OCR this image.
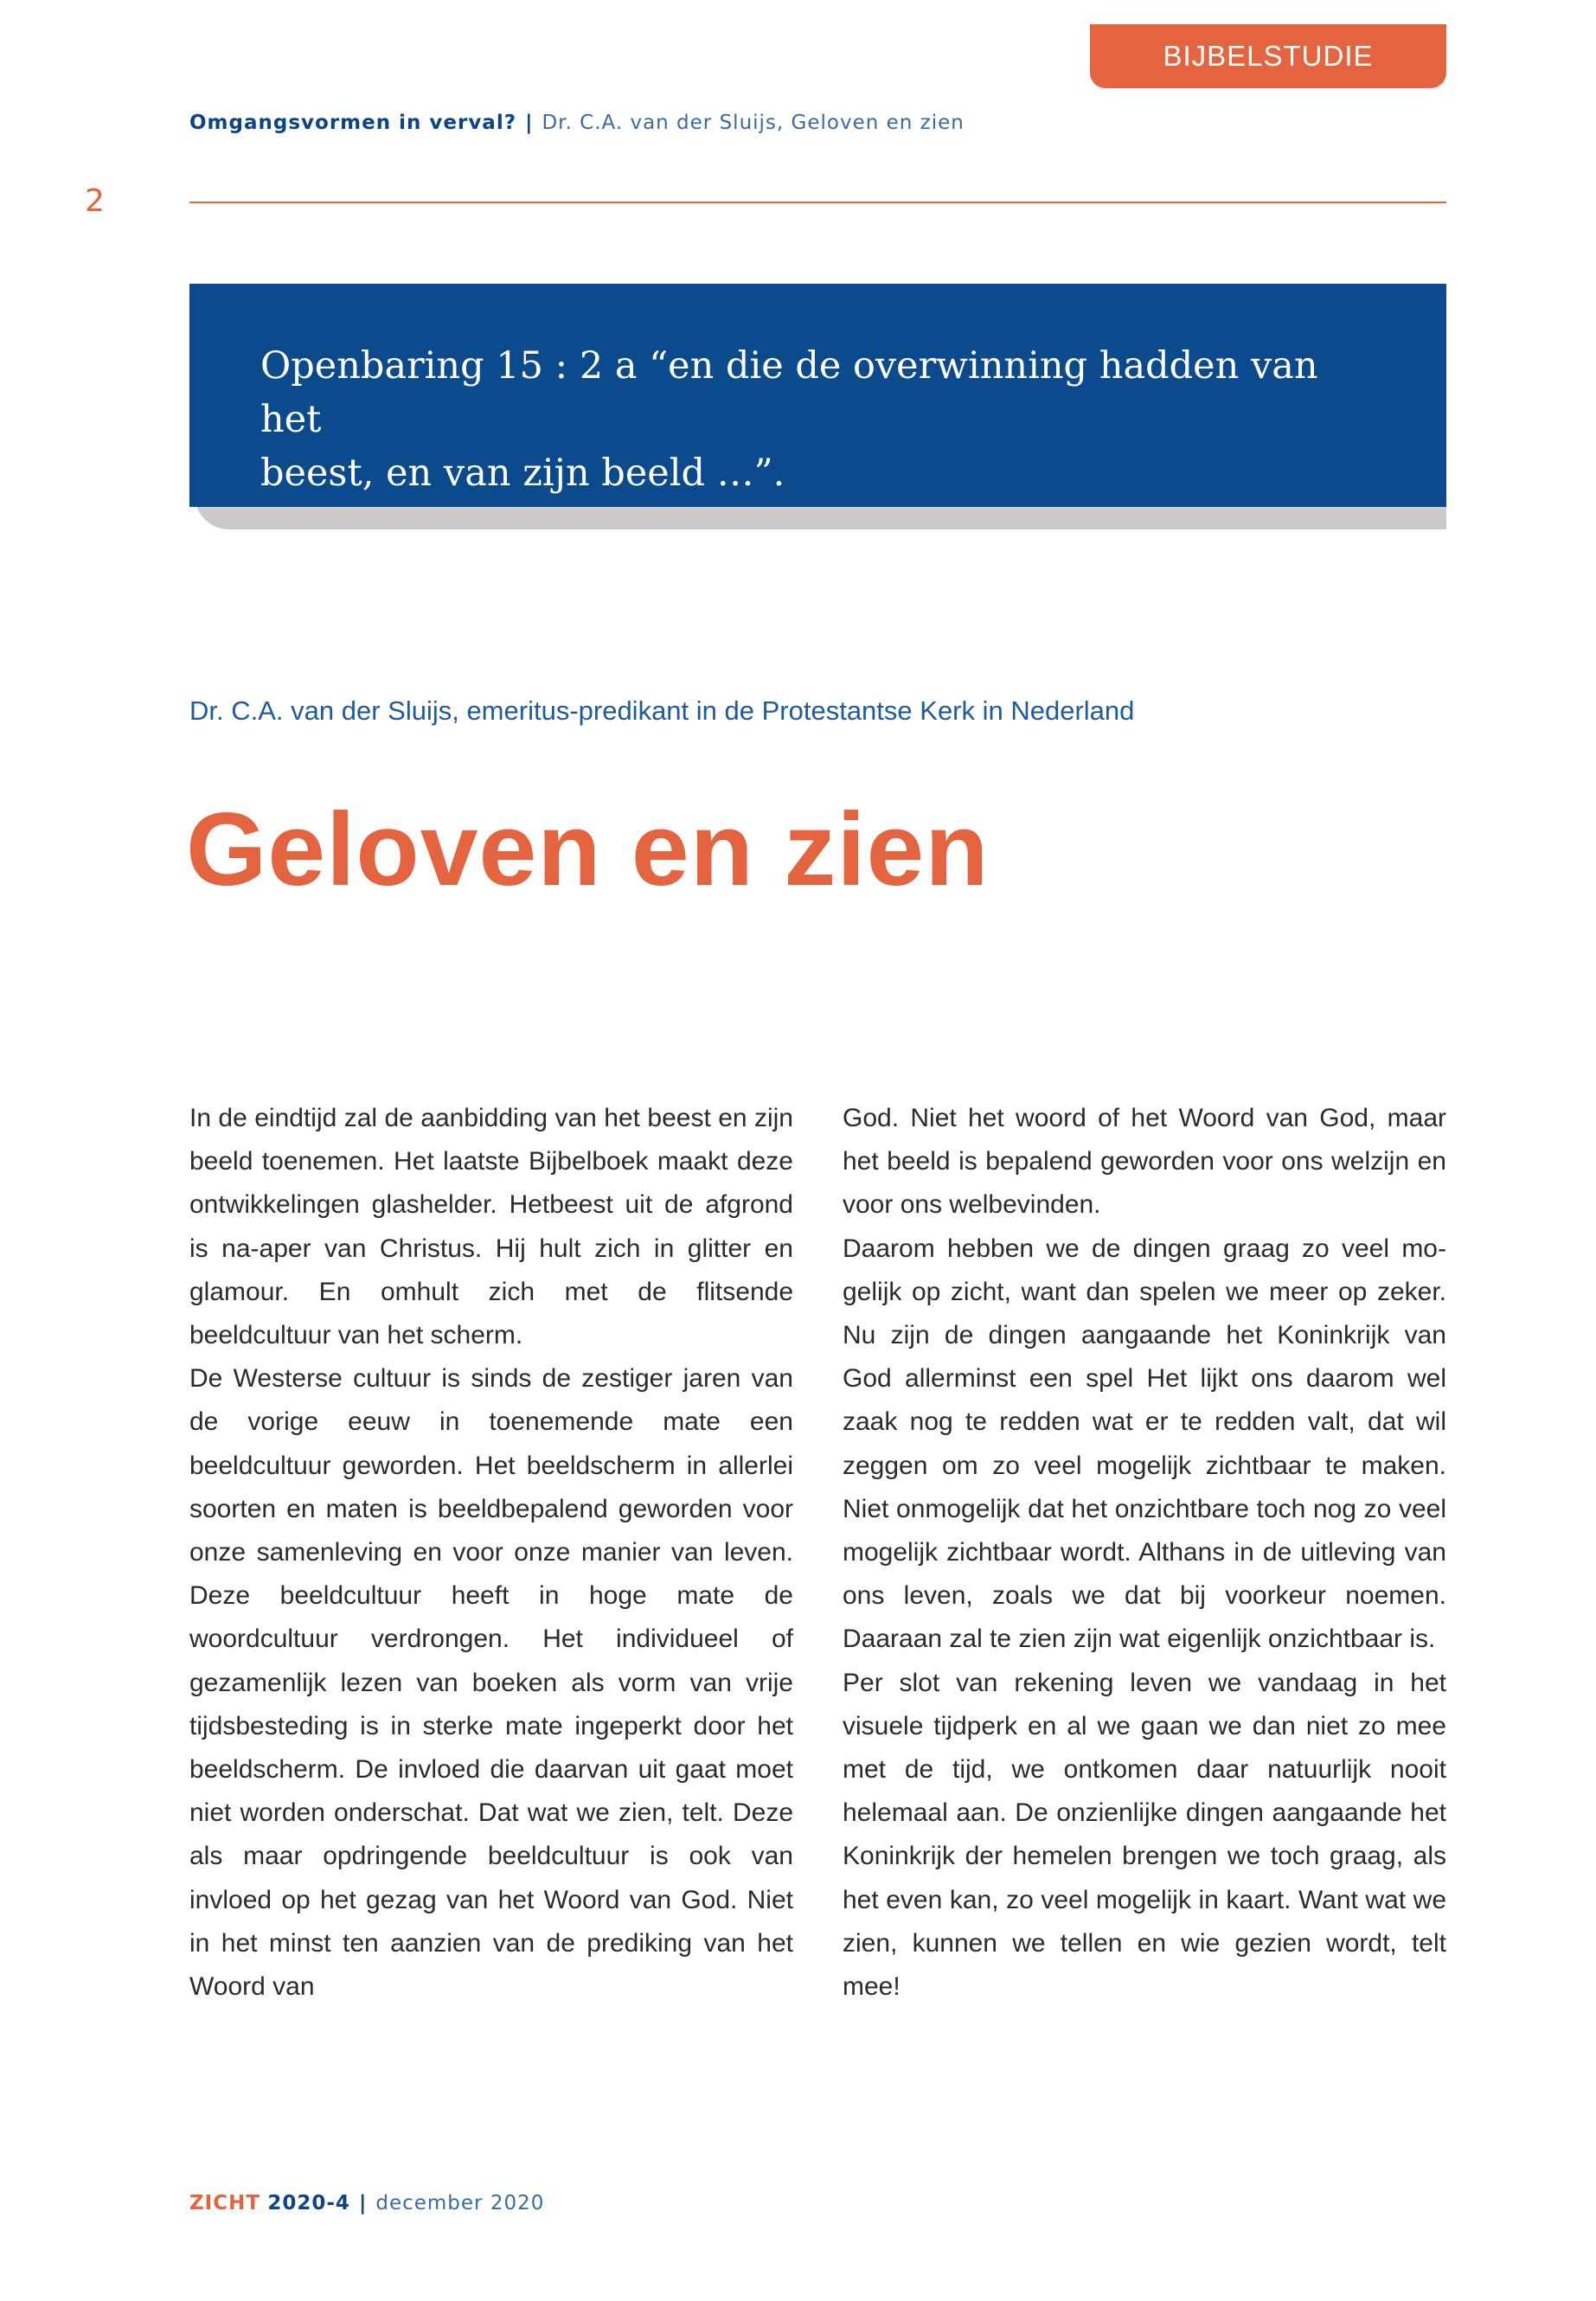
BIJBELSTUDIE
Omgangsvormen in verval? | Dr. C.A. van der Sluijs, Geloven en zien
2
Openbaring 15 : 2 a “en die de overwinning hadden van het
beest, en van zijn beeld …”.
Dr. C.A. van der Sluijs, emeritus-predikant in de Protestantse Kerk in Nederland
Geloven en zien

In de eindtijd zal de aanbidding van het beest en zijn beeld toenemen. Het laatste Bijbelboek maakt deze ontwikkelingen glashelder. Hetbeest uit de afgrond is na-aper van Christus. Hij hult zich in glitter en glamour. En omhult zich met de flitsende beeldcultuur van het scherm.

De Westerse cultuur is sinds de zestiger jaren van de vorige eeuw in toenemende mate een beeldcultuur geworden. Het beeldscherm in allerlei soorten en maten is beeldbepalend geworden voor onze samenleving en voor onze manier van leven. Deze beeldcultuur heeft in hoge mate de woordcultuur verdrongen. Het individueel of gezamenlijk lezen van boeken als vorm van vrije tijdsbesteding is in sterke mate ingeperkt door het beeldscherm. De invloed die daarvan uit gaat moet niet worden onderschat. Dat wat we zien, telt. Deze als maar opdringende beeldcultuur is ook van invloed op het gezag van het Woord van God. Niet in het minst ten aanzien van de prediking van het Woord van

God. Niet het woord of het Woord van God, maar het beeld is bepalend geworden voor ons welzijn en voor ons welbevinden.

Daarom hebben we de dingen graag zo veel mogelijk op zicht, want dan spelen we meer op zeker. Nu zijn de dingen aangaande het Koninkrijk van God allerminst een spel Het lijkt ons daarom wel zaak nog te redden wat er te redden valt, dat wil zeggen om zo veel mogelijk zichtbaar te maken. Niet onmogelijk dat het onzichtbare toch nog zo veel mogelijk zichtbaar wordt. Althans in de uitleving van ons leven, zoals we dat bij voorkeur noemen. Daaraan zal te zien zijn wat eigenlijk onzichtbaar is.

Per slot van rekening leven we vandaag in het visuele tijdperk en al we gaan we dan niet zo mee met de tijd, we ontkomen daar natuurlijk nooit helemaal aan. De onzienlijke dingen aangaande het Koninkrijk der hemelen brengen we toch graag, als het even kan, zo veel mogelijk in kaart. Want wat we zien, kunnen we tellen en wie gezien wordt, telt mee!

ZICHT 2020-4 | december 2020
